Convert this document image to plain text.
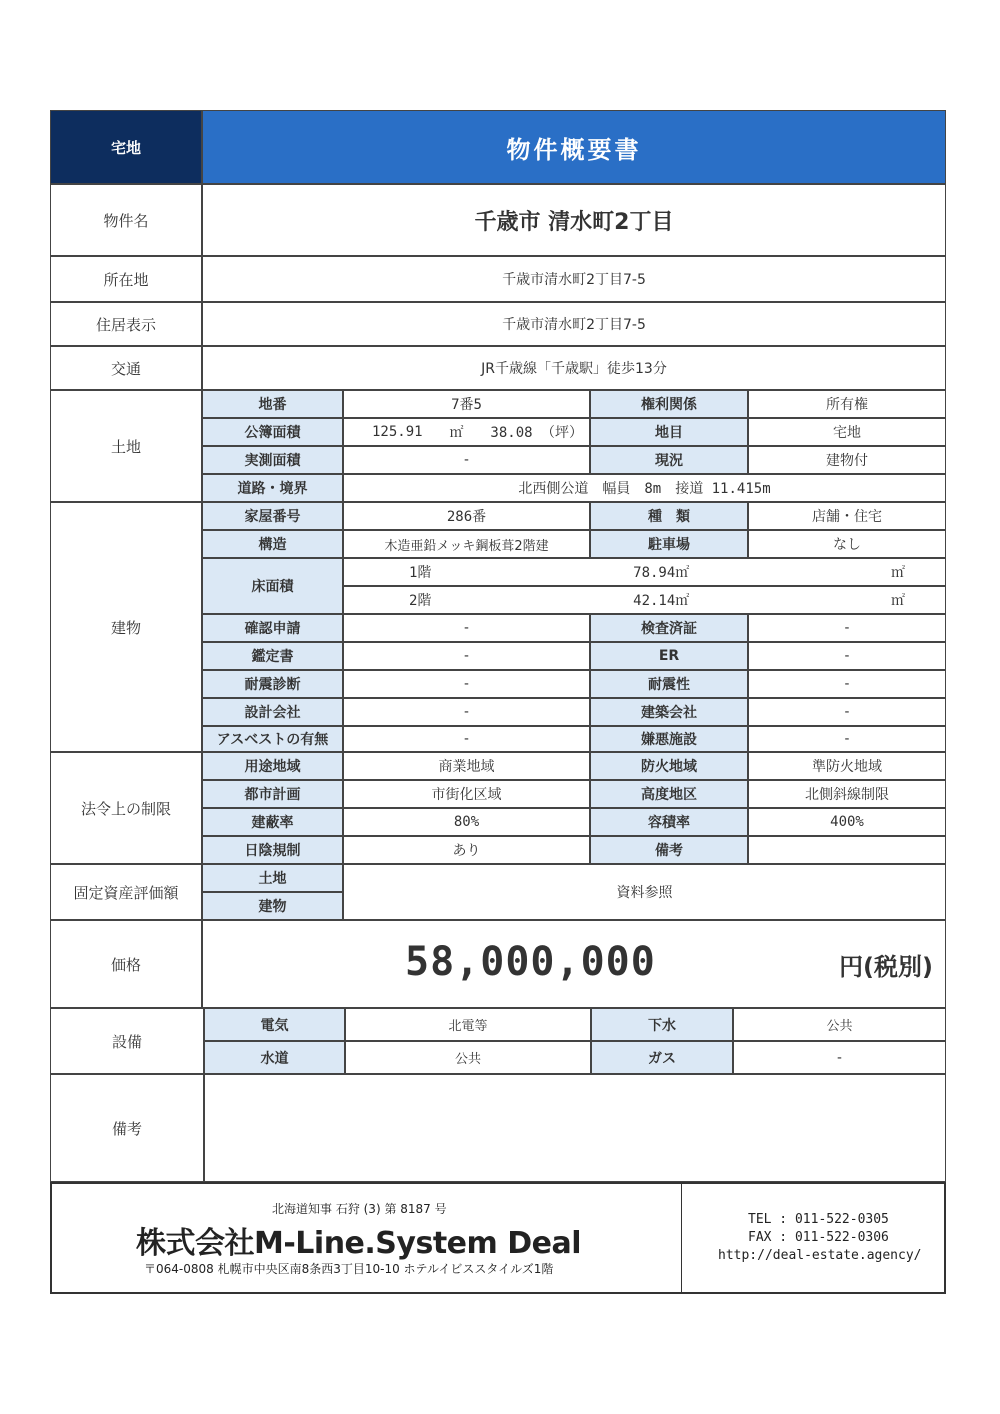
宅地	物件概要書
物件名	千歳市 清水町2丁目
所在地	千歳市清水町2丁目7-5
住居表示	千歳市清水町2丁目7-5
交通	JR千歳線「千歳駅」徒歩13分
土地
地番	7番5	権利関係	所有権
公簿面積	125.91 ㎡ 38.08 （坪）	地目	宅地
実測面積	-	現況	建物付
道路・境界	北西側公道　幅員　8m　接道 11.415m
建物
家屋番号	286番	種　類	店舗・住宅
構造	木造亜鉛メッキ鋼板葺2階建	駐車場	なし
床面積
1階	78.94㎡	㎡
2階	42.14㎡	㎡
確認申請	-	検査済証	-
鑑定書	-	ER	-
耐震診断	-	耐震性	-
設計会社	-	建築会社	-
アスベストの有無	-	嫌悪施設	-
法令上の制限
用途地域	商業地域	防火地域	準防火地域
都市計画	市街化区域	高度地区	北側斜線制限
建蔽率	80%	容積率	400%
日陰規制	あり	備考
固定資産評価額
土地
建物
資料参照
価格	58,000,000	円(税別)
設備
電気	北電等	下水	公共
水道	公共	ガス	-
備考
北海道知事 石狩 (3) 第 8187 号
株式会社M-Line.System Deal
〒064-0808 札幌市中央区南8条西3丁目10-10 ホテルイビススタイルズ1階
TEL : 011-522-0305
FAX : 011-522-0306
http://deal-estate.agency/
